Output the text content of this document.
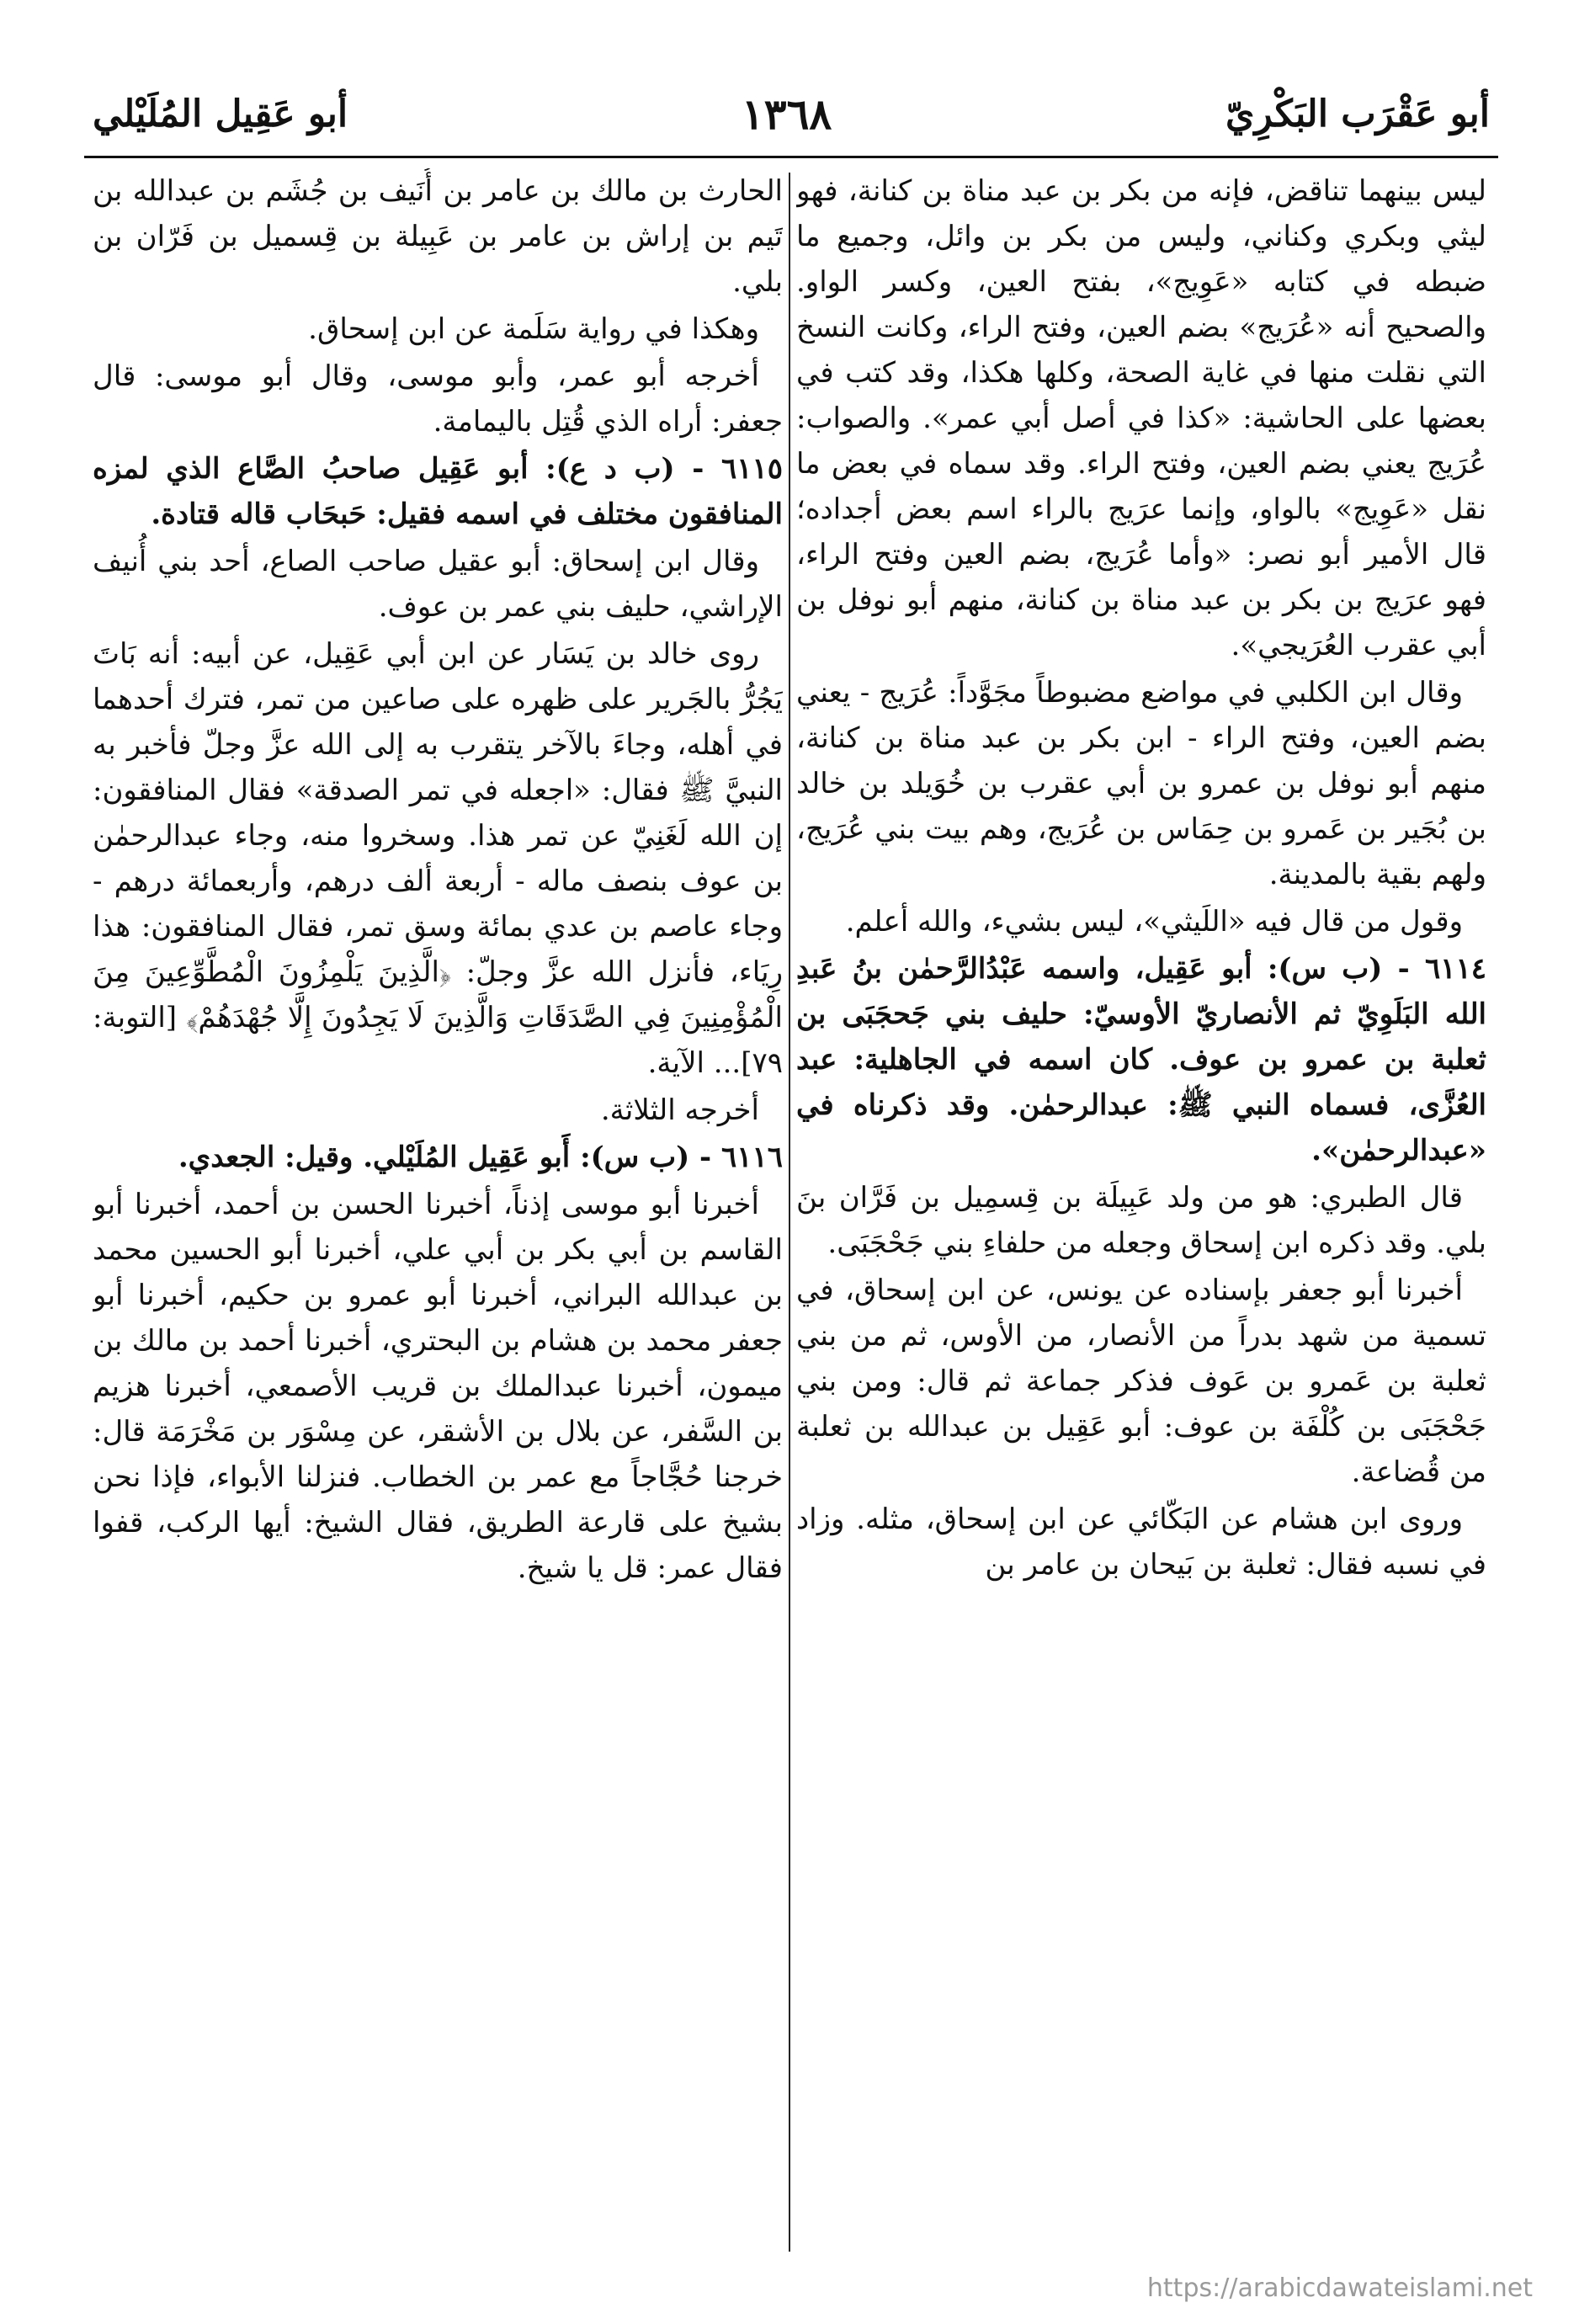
أبو عَقْرَب البَكْرِيّ
١٣٦٨
أبو عَقِيل المُلَيْلي

ليس بينهما تناقض، فإنه من بكر بن عبد مناة بن كنانة، فهو ليثي وبكري وكناني، وليس من بكر بن وائل، وجميع ما ضبطه في كتابه «عَوِيج»، بفتح العين، وكسر الواو. والصحيح أنه «عُرَيج» بضم العين، وفتح الراء، وكانت النسخ التي نقلت منها في غاية الصحة، وكلها هكذا، وقد كتب في بعضها على الحاشية: «كذا في أصل أبي عمر». والصواب: عُرَيج يعني بضم العين، وفتح الراء. وقد سماه في بعض ما نقل «عَوِيج» بالواو، وإنما عرَيج بالراء اسم بعض أجداده؛ قال الأمير أبو نصر: «وأما عُرَيج، بضم العين وفتح الراء، فهو عرَيج بن بكر بن عبد مناة بن كنانة، منهم أبو نوفل بن أبي عقرب العُرَيجي».

وقال ابن الكلبي في مواضع مضبوطاً مجَوَّداً: عُرَيج - يعني بضم العين، وفتح الراء - ابن بكر بن عبد مناة بن كنانة، منهم أبو نوفل بن عمرو بن أبي عقرب بن خُوَيلد بن خالد بن بُجَير بن عَمرو بن حِمَاس بن عُرَيج، وهم بيت بني عُرَيج، ولهم بقية بالمدينة.

وقول من قال فيه «اللَيثي»، ليس بشيء، والله أعلم.

٦١١٤ - (ب س): أبو عَقِيل، واسمه عَبْدُالرَّحمٰن بنُ عَبدِ الله البَلَوِيّ ثم الأنصاريّ الأوسيّ: حليف بني جَحجَبَى بن ثعلبة بن عمرو بن عوف. كان اسمه في الجاهلية: عبد العُزَّى، فسماه النبي ﷺ: عبدالرحمٰن. وقد ذكرناه في «عبدالرحمٰن».

قال الطبري: هو من ولد عَبِيلَة بن قِسمِيل بن فَرَّان بنَ بلي. وقد ذكره ابن إسحاق وجعله من حلفاءِ بني جَحْجَبَى.

أخبرنا أبو جعفر بإسناده عن يونس، عن ابن إسحاق، في تسمية من شهد بدراً من الأنصار، من الأوس، ثم من بني ثعلبة بن عَمرو بن عَوف فذكر جماعة ثم قال: ومن بني جَحْجَبَى بن كُلْفَة بن عوف: أبو عَقِيل بن عبدالله بن ثعلبة من قُضاعة.

وروى ابن هشام عن البَكّائي عن ابن إسحاق، مثله. وزاد في نسبه فقال: ثعلبة بن بَيحان بن عامر بن

الحارث بن مالك بن عامر بن أُنَيف بن جُشَم بن عبدالله بن تَيم بن إراش بن عامر بن عَبِيلة بن قِسميل بن فَرّان بن بلي.

وهكذا في رواية سَلَمة عن ابن إسحاق.

أخرجه أبو عمر، وأبو موسى، وقال أبو موسى: قال جعفر: أراه الذي قُتِل باليمامة.

٦١١٥ - (ب د ع): أبو عَقِيل صاحبُ الصَّاع الذي لمزه المنافقون مختلف في اسمه فقيل: حَبحَاب قاله قتادة.

وقال ابن إسحاق: أبو عقيل صاحب الصاع، أحد بني أُنيف الإراشي، حليف بني عمر بن عوف.

روى خالد بن يَسَار عن ابن أبي عَقِيل، عن أبيه: أنه بَاتَ يَجُرُّ بالجَرير على ظهره على صاعين من تمر، فترك أحدهما في أهله، وجاءَ بالآخر يتقرب به إلى الله عزَّ وجلّ فأخبر به النبيَّ ﷺ فقال: «اجعله في تمر الصدقة» فقال المنافقون: إن الله لَغَنِيّ عن تمر هذا. وسخروا منه، وجاء عبدالرحمٰن بن عوف بنصف ماله - أربعة ألف درهم، وأربعمائة درهم - وجاء عاصم بن عدي بمائة وسق تمر، فقال المنافقون: هذا رِيَاء، فأنزل الله عزَّ وجلّ: ﴿الَّذِينَ يَلْمِزُونَ الْمُطَّوِّعِينَ مِنَ الْمُؤْمِنِينَ فِي الصَّدَقَاتِ وَالَّذِينَ لَا يَجِدُونَ إِلَّا جُهْدَهُمْ﴾ [التوبة: ٧٩]... الآية.

أخرجه الثلاثة.

٦١١٦ - (ب س): أَبو عَقِيل المُلَيْلي. وقيل: الجعدي.

أخبرنا أبو موسى إذناً، أخبرنا الحسن بن أحمد، أخبرنا أبو القاسم بن أبي بكر بن أبي علي، أخبرنا أبو الحسين محمد بن عبدالله البراني، أخبرنا أبو عمرو بن حكيم، أخبرنا أبو جعفر محمد بن هشام بن البحتري، أخبرنا أحمد بن مالك بن ميمون، أخبرنا عبدالملك بن قريب الأصمعي، أخبرنا هزيم بن السَّفر، عن بلال بن الأشقر، عن مِسْوَر بن مَخْرَمَة قال: خرجنا حُجَّاجاً مع عمر بن الخطاب. فنزلنا الأبواء، فإذا نحن بشيخ على قارعة الطريق، فقال الشيخ: أيها الركب، قفوا فقال عمر: قل يا شيخ.

https://arabicdawateislami.net
